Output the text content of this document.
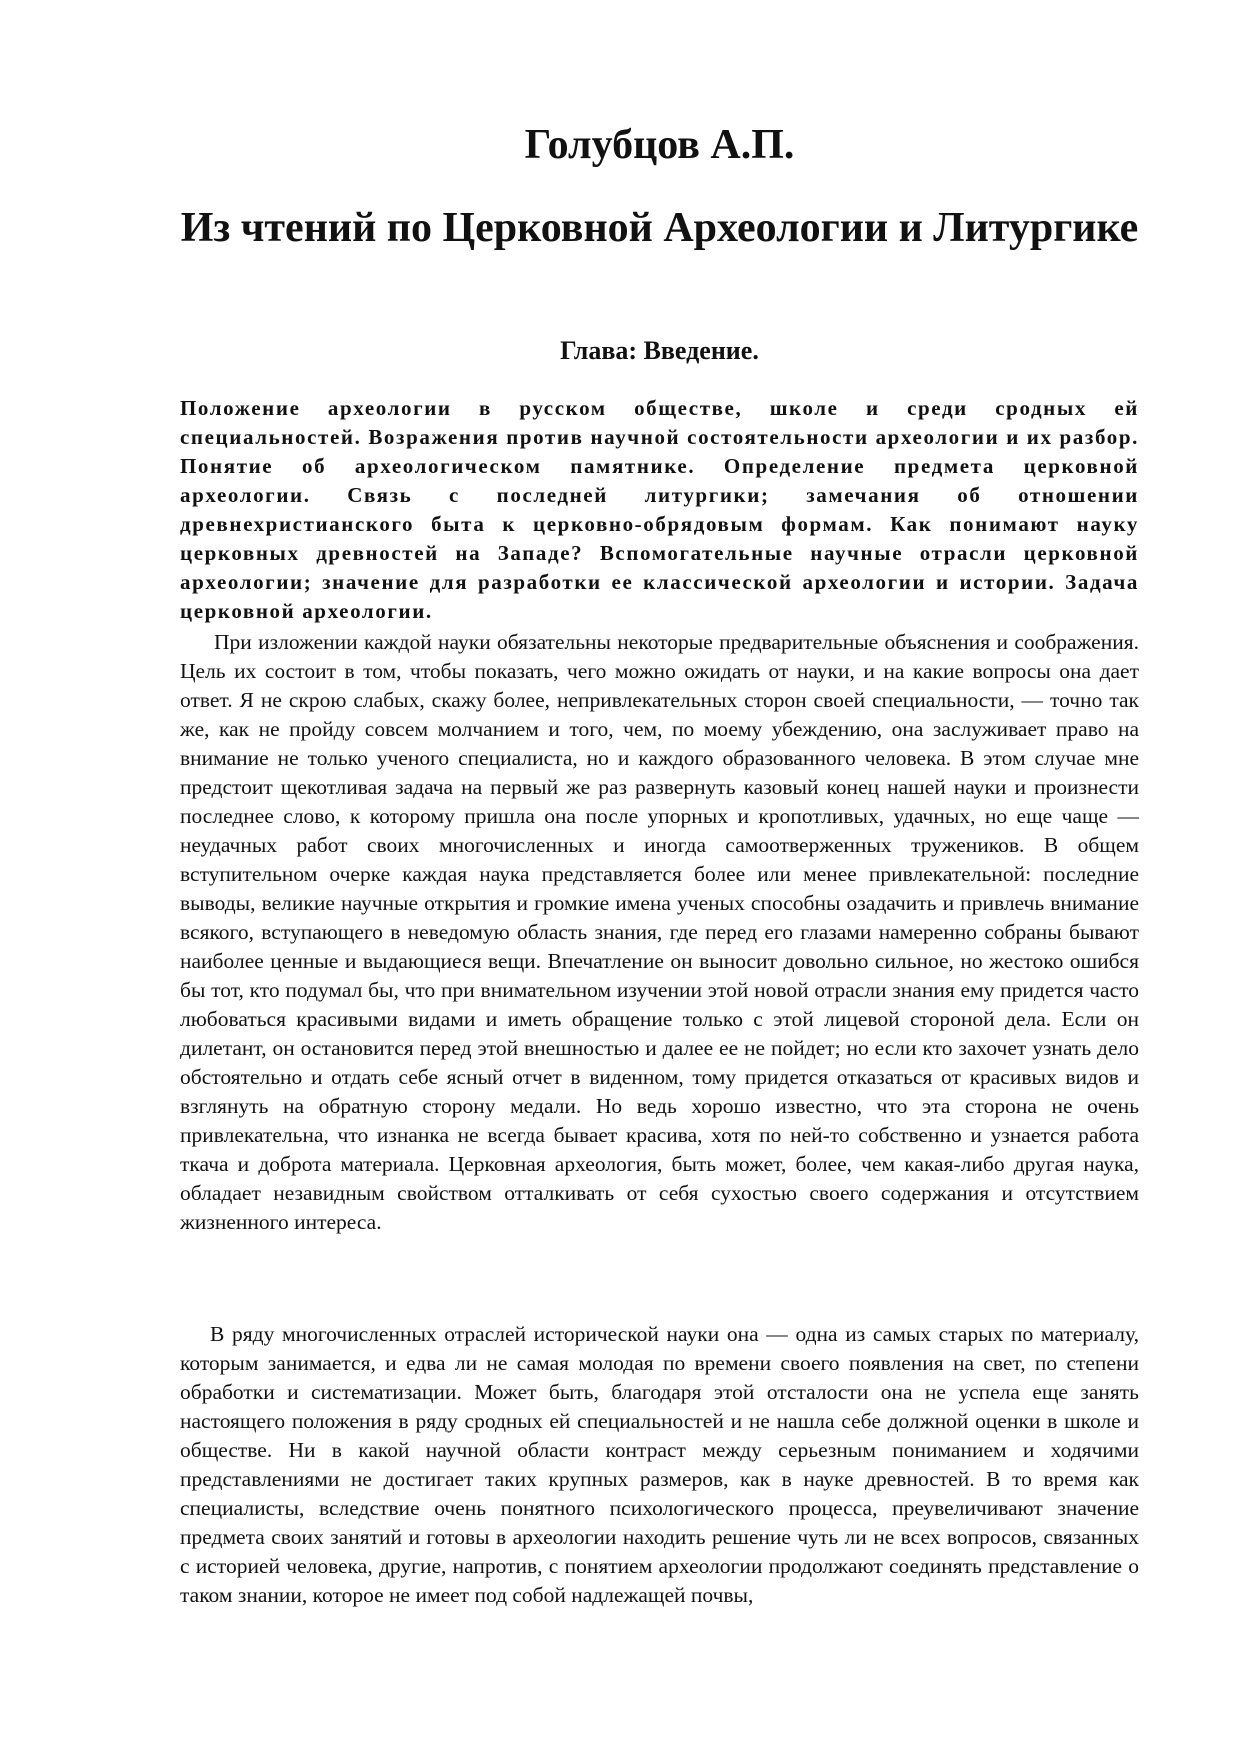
Голубцов А.П.
Из чтений по Церковной Археологии и Литургике
Глава: Введение.

Положение археологии в русском обществе, школе и среди сродных ей специальностей. Возражения против научной состоятельности археологии и их разбор. Понятие об археологическом памятнике. Определение предмета церковной археологии. Связь с последней литургики; замечания об отношении древнехристианского быта к церковно-обрядовым формам. Как понимают науку церковных древностей на Западе? Вспомогательные научные отрасли церковной археологии; значение для разработки ее классической археологии и истории. Задача церковной археологии.

При изложении каждой науки обязательны некоторые предварительные объяснения и соображения. Цель их состоит в том, чтобы показать, чего можно ожидать от науки, и на какие вопросы она дает ответ. Я не скрою слабых, скажу более, непривлекательных сторон своей специальности, — точно так же, как не пройду совсем молчанием и того, чем, по моему убеждению, она заслуживает право на внимание не только ученого специалиста, но и каждого образованного человека. В этом случае мне предстоит щекотливая задача на первый же раз развернуть казовый конец нашей науки и произнести последнее слово, к которому пришла она после упорных и кропотливых, удачных, но еще чаще — неудачных работ своих многочисленных и иногда самоотверженных тружеников. В общем вступительном очерке каждая наука представляется более или менее привлекательной: последние выводы, великие научные открытия и громкие имена ученых способны озадачить и привлечь внимание всякого, вступающего в неведомую область знания, где перед его глазами намеренно собраны бывают наиболее ценные и выдающиеся вещи. Впечатление он выносит довольно сильное, но жестоко ошибся бы тот, кто подумал бы, что при внимательном изучении этой новой отрасли знания ему придется часто любоваться красивыми видами и иметь обращение только с этой лицевой стороной дела. Если он дилетант, он остановится перед этой внешностью и далее ее не пойдет; но если кто захочет узнать дело обстоятельно и отдать себе ясный отчет в виденном, тому придется отказаться от красивых видов и взглянуть на обратную сторону медали. Но ведь хорошо известно, что эта сторона не очень привлекательна, что изнанка не всегда бывает красива, хотя по ней-то собственно и узнается работа ткача и доброта материала. Церковная археология, быть может, более, чем какая-либо другая наука, обладает незавидным свойством отталкивать от себя сухостью своего содержания и отсутствием жизненного интереса.

В ряду многочисленных отраслей исторической науки она — одна из самых старых по материалу, которым занимается, и едва ли не самая молодая по времени своего появления на свет, по степени обработки и систематизации. Может быть, благодаря этой отсталости она не успела еще занять настоящего положения в ряду сродных ей специальностей и не нашла себе должной оценки в школе и обществе. Ни в какой научной области контраст между серьезным пониманием и ходячими представлениями не достигает таких крупных размеров, как в науке древностей. В то время как специалисты, вследствие очень понятного психологического процесса, преувеличивают значение предмета своих занятий и готовы в археологии находить решение чуть ли не всех вопросов, связанных с историей человека, другие, напротив, с понятием археологии продолжают соединять представление о таком знании, которое не имеет под собой надлежащей почвы,
